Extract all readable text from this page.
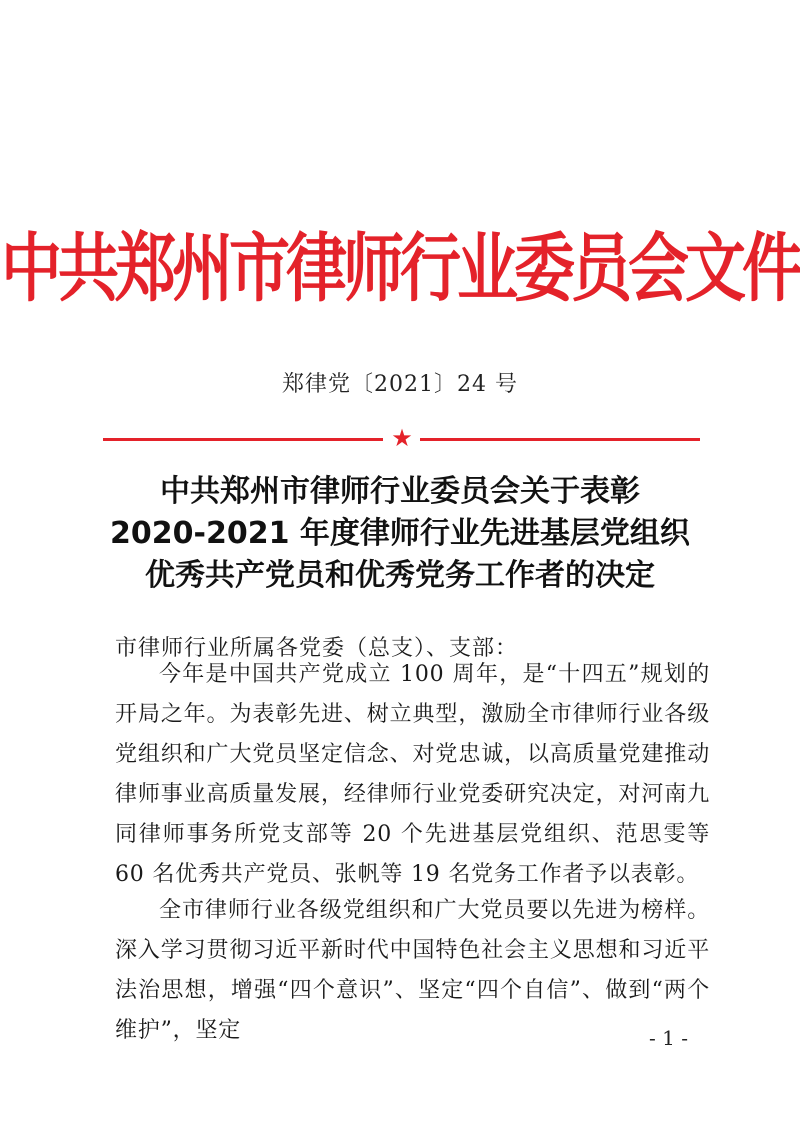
中共郑州市律师行业委员会文件
郑律党〔2021〕24 号
★
中共郑州市律师行业委员会关于表彰
2020-2021 年度律师行业先进基层党组织
优秀共产党员和优秀党务工作者的决定
市律师行业所属各党委（总支）、支部：
今年是中国共产党成立 100 周年，是“十四五”规划的开局之年。为表彰先进、树立典型，激励全市律师行业各级党组织和广大党员坚定信念、对党忠诚，以高质量党建推动律师事业高质量发展，经律师行业党委研究决定，对河南九同律师事务所党支部等 20 个先进基层党组织、范思雯等 60 名优秀共产党员、张帆等 19 名党务工作者予以表彰。
全市律师行业各级党组织和广大党员要以先进为榜样。深入学习贯彻习近平新时代中国特色社会主义思想和习近平法治思想，增强“四个意识”、坚定“四个自信”、做到“两个维护”，坚定	- 1 -
